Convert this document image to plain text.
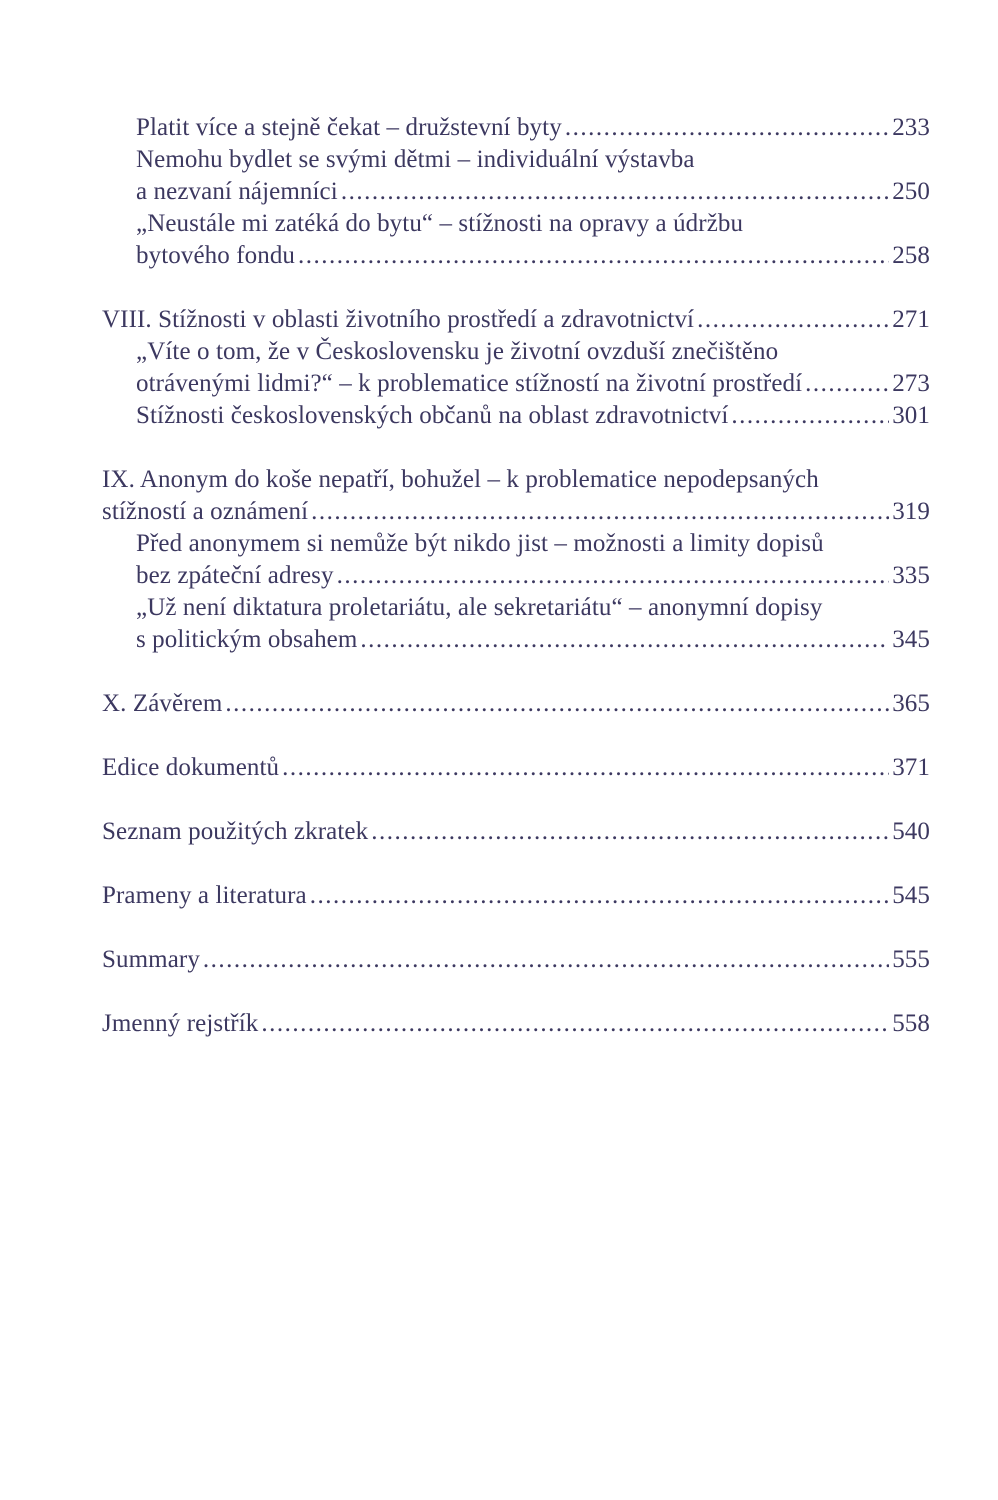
Platit více a stejně čekat – družstevní byty .....	233
Nemohu bydlet se svými dětmi – individuální výstavba
a nezvaní nájemníci .....	250
„Neustále mi zatéká do bytu“ – stížnosti na opravy a údržbu
bytového fondu .....	258
VIII. Stížnosti v oblasti životního prostředí a zdravotnictví .....	271
„Víte o tom, že v Československu je životní ovzduší znečištěno
otrávenými lidmi?“ – k problematice stížností na životní prostředí .....	273
Stížnosti československých občanů na oblast zdravotnictví .....	301
IX. Anonym do koše nepatří, bohužel – k problematice nepodepsaných
stížností a oznámení .....	319
Před anonymem si nemůže být nikdo jist – možnosti a limity dopisů
bez zpáteční adresy .....	335
„Už není diktatura proletariátu, ale sekretariátu“ – anonymní dopisy
s politickým obsahem .....	345
X. Závěrem .....	365
Edice dokumentů .....	371
Seznam použitých zkratek .....	540
Prameny a literatura .....	545
Summary .....	555
Jmenný rejstřík .....	558
